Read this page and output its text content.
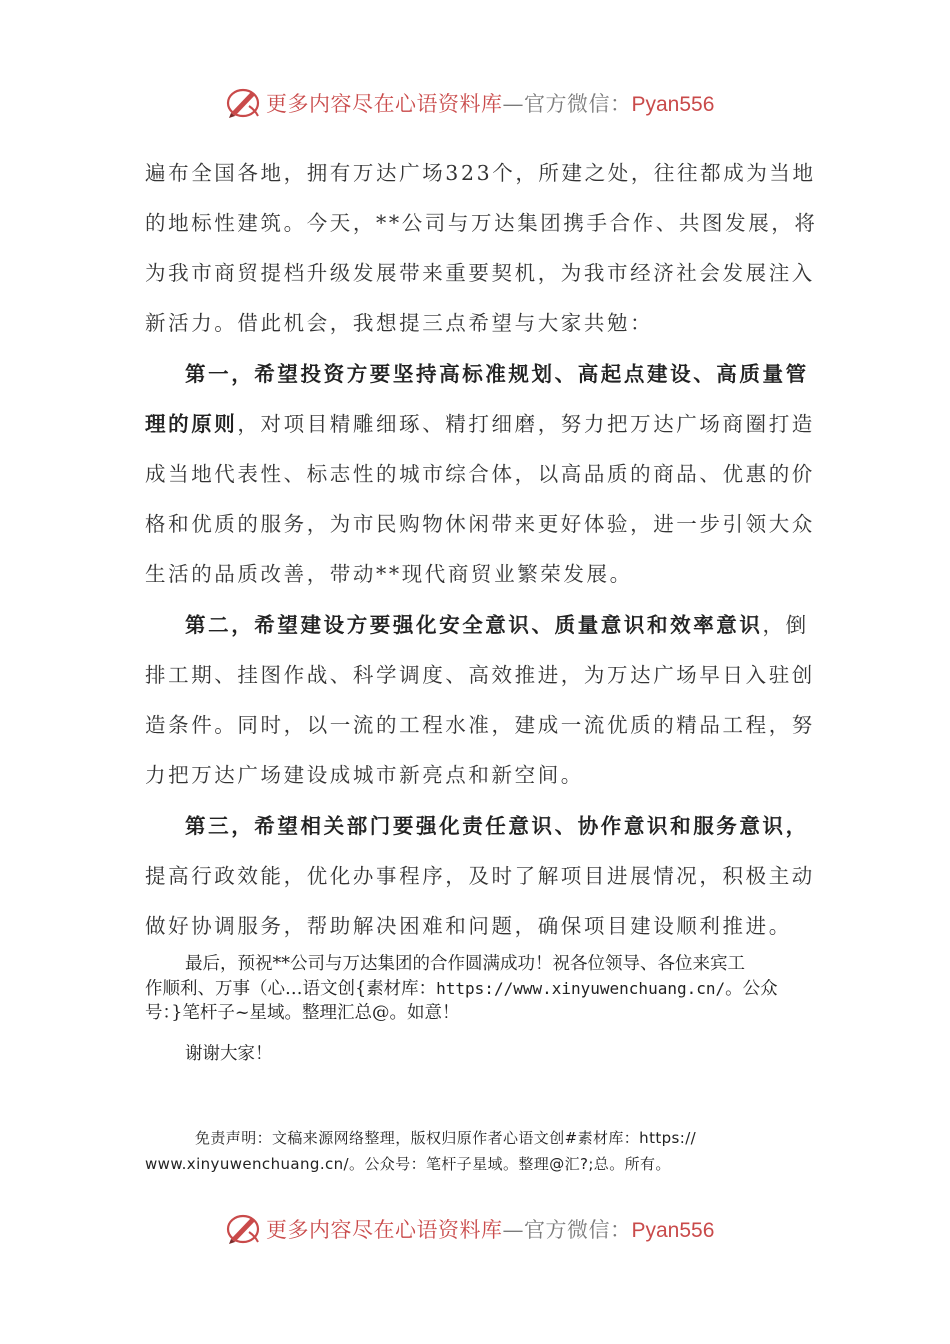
更多内容尽在心语资料库—官方微信：Pyan556
遍布全国各地，拥有万达广场323个，所建之处，往往都成为当地
的地标性建筑。今天，**公司与万达集团携手合作、共图发展，将
为我市商贸提档升级发展带来重要契机，为我市经济社会发展注入
新活力。借此机会，我想提三点希望与大家共勉：
第一，希望投资方要坚持高标准规划、高起点建设、高质量管
理的原则，对项目精雕细琢、精打细磨，努力把万达广场商圈打造
成当地代表性、标志性的城市综合体，以高品质的商品、优惠的价
格和优质的服务，为市民购物休闲带来更好体验，进一步引领大众
生活的品质改善，带动**现代商贸业繁荣发展。
第二，希望建设方要强化安全意识、质量意识和效率意识，倒
排工期、挂图作战、科学调度、高效推进，为万达广场早日入驻创
造条件。同时，以一流的工程水准，建成一流优质的精品工程，努
力把万达广场建设成城市新亮点和新空间。
第三，希望相关部门要强化责任意识、协作意识和服务意识，
提高行政效能，优化办事程序，及时了解项目进展情况，积极主动
做好协调服务，帮助解决困难和问题，确保项目建设顺利推进。
最后，预祝**公司与万达集团的合作圆满成功！祝各位领导、各位来宾工
作顺利、万事（心…语文创{素材库：https://www.xinyuwenchuang.cn/。公众
号：}笔杆子~星域。整理汇总@。如意！
谢谢大家！
免责声明：文稿来源网络整理，版权归原作者心语文创#素材库：https://
www.xinyuwenchuang.cn/。公众号：笔杆子星域。整理@汇?;总。所有。
更多内容尽在心语资料库—官方微信：Pyan556
